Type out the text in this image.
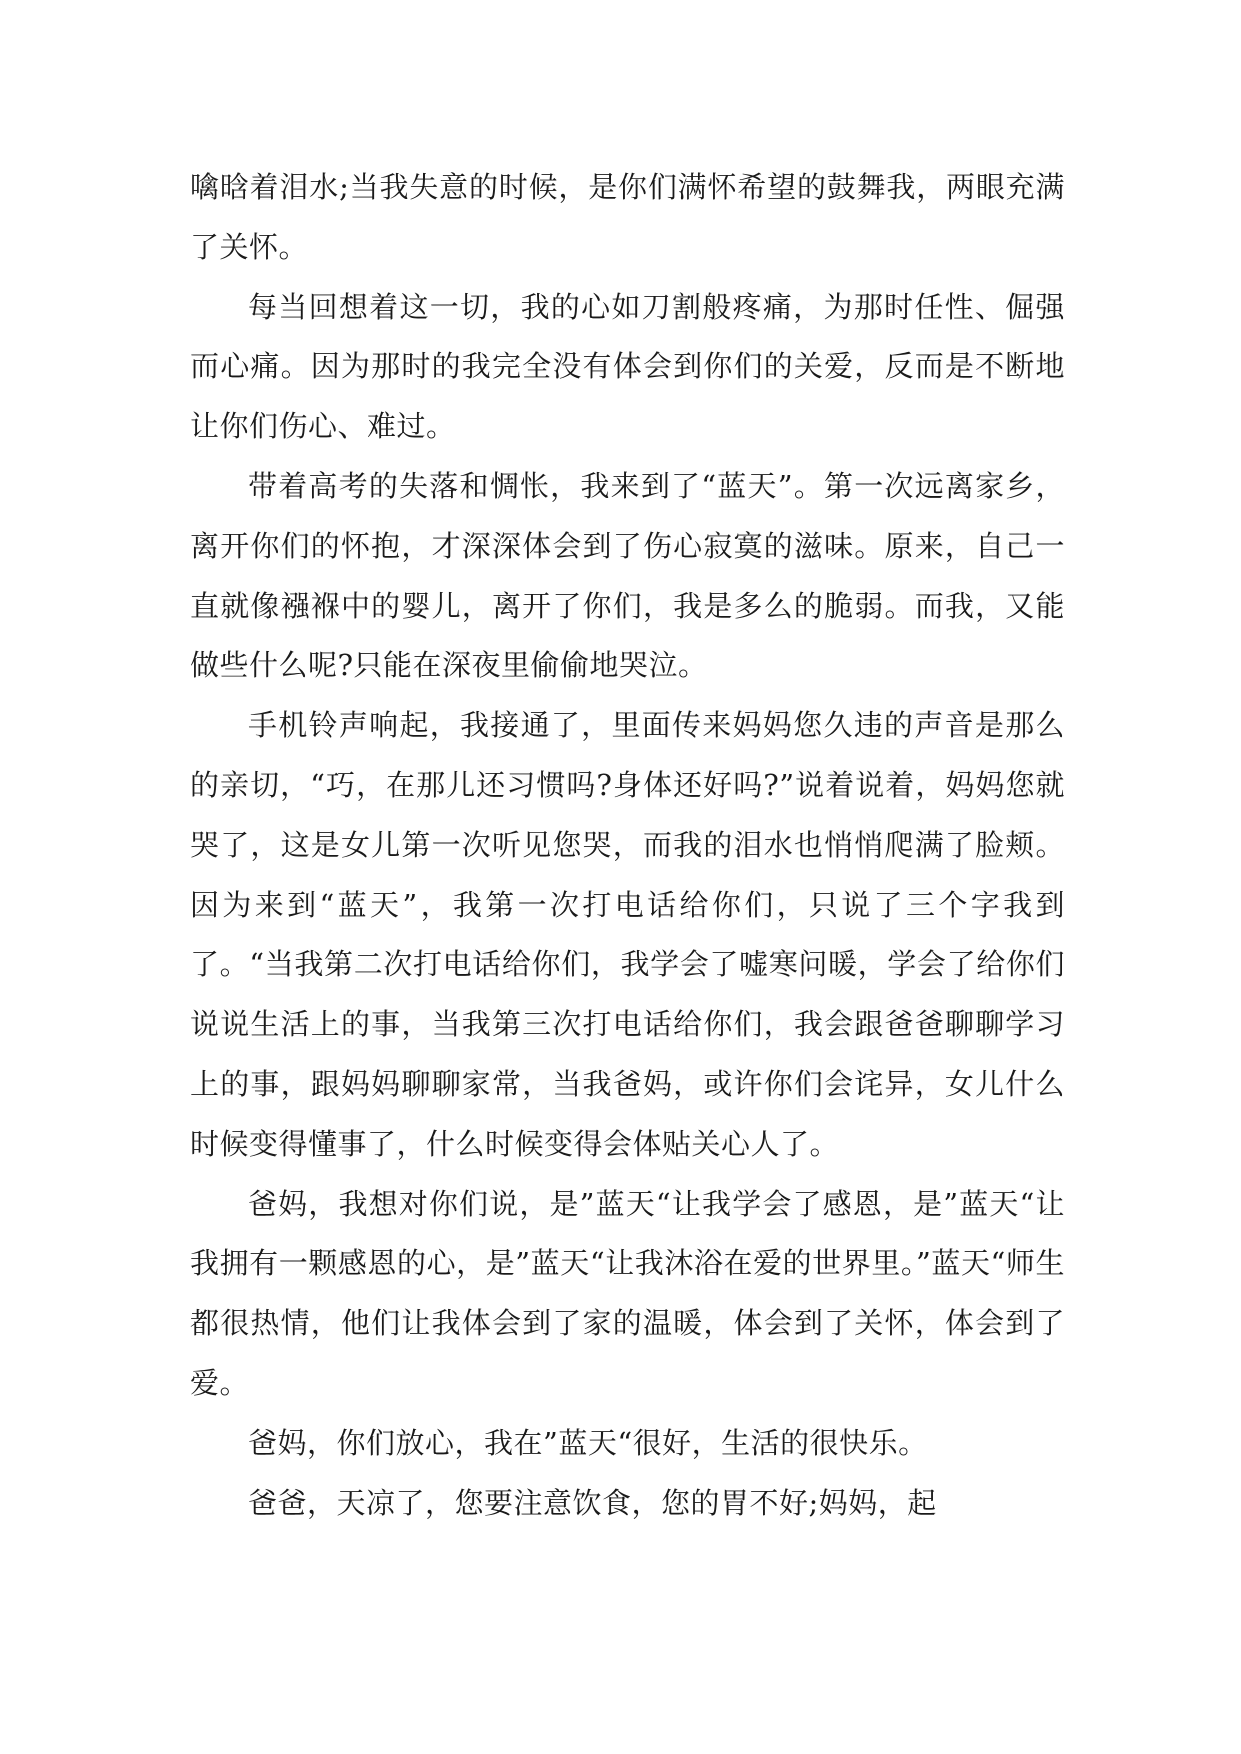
噙晗着泪水;当我失意的时候，是你们满怀希望的鼓舞我，两眼充满了关怀。

每当回想着这一切，我的心如刀割般疼痛，为那时任性、倔强而心痛。因为那时的我完全没有体会到你们的关爱，反而是不断地让你们伤心、难过。

带着高考的失落和惆怅，我来到了“蓝天”。第一次远离家乡，离开你们的怀抱，才深深体会到了伤心寂寞的滋味。原来，自己一直就像襁褓中的婴儿，离开了你们，我是多么的脆弱。而我，又能做些什么呢?只能在深夜里偷偷地哭泣。

手机铃声响起，我接通了，里面传来妈妈您久违的声音是那么的亲切，“巧，在那儿还习惯吗?身体还好吗?”说着说着，妈妈您就哭了，这是女儿第一次听见您哭，而我的泪水也悄悄爬满了脸颊。因为来到“蓝天”，我第一次打电话给你们，只说了三个字我到了。“当我第二次打电话给你们，我学会了嘘寒问暖，学会了给你们说说生活上的事，当我第三次打电话给你们，我会跟爸爸聊聊学习上的事，跟妈妈聊聊家常，当我爸妈，或许你们会诧异，女儿什么时候变得懂事了，什么时候变得会体贴关心人了。

爸妈，我想对你们说，是”蓝天“让我学会了感恩，是”蓝天“让我拥有一颗感恩的心，是”蓝天“让我沐浴在爱的世界里。”蓝天“师生都很热情，他们让我体会到了家的温暖，体会到了关怀，体会到了爱。

爸妈，你们放心，我在”蓝天“很好，生活的很快乐。

爸爸，天凉了，您要注意饮食，您的胃不好;妈妈，起
